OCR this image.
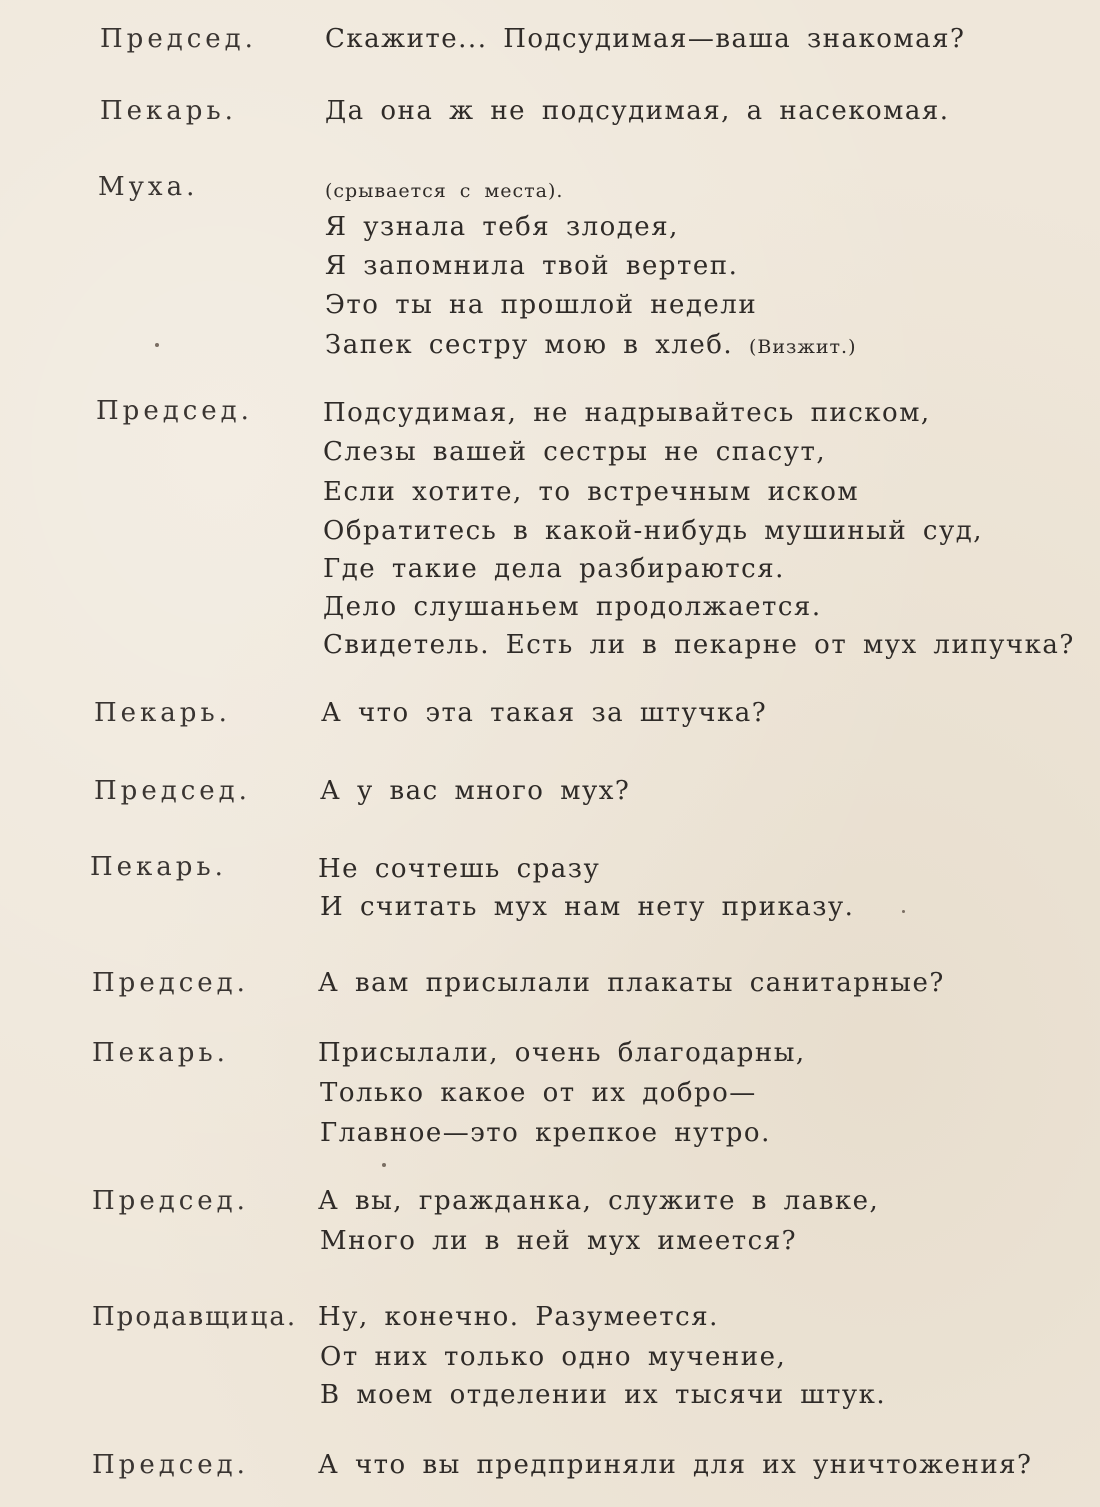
Председ.	Скажите... Подсудимая—ваша знакомая?
Пекарь.	Да она ж не подсудимая, а насекомая.
Муха.	(срывается с места).
Я узнала тебя злодея,
Я запомнила твой вертеп.
Это ты на прошлой недели
Запек сестру мою в хлеб. (Визжит.)
Председ.	Подсудимая, не надрывайтесь писком,
Слезы вашей сестры не спасут,
Если хотите, то встречным иском
Обратитесь в какой-нибудь мушиный суд,
Где такие дела разбираются.
Дело слушаньем продолжается.
Свидетель. Есть ли в пекарне от мух липучка?
Пекарь.	А что эта такая за штучка?
Председ.	А у вас много мух?
Пекарь.	Не сочтешь сразу
И считать мух нам нету приказу.
Председ.	А вам присылали плакаты санитарные?
Пекарь.	Присылали, очень благодарны,
Только какое от их добро—
Главное—это крепкое нутро.
Председ.	А вы, гражданка, служите в лавке,
Много ли в ней мух имеется?
Продавщица. Ну, конечно. Разумеется.
От них только одно мучение,
В моем отделении их тысячи штук.
Председ.	А что вы предприняли для их уничтожения?
